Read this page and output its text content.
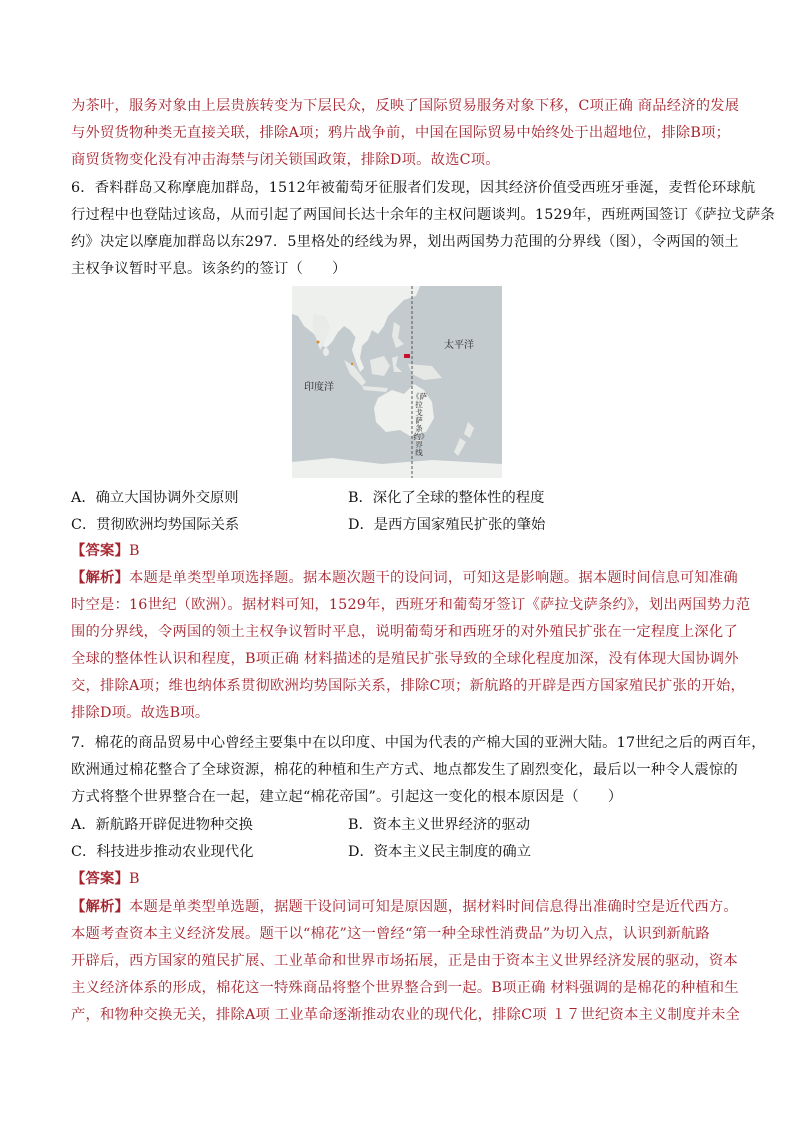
为茶叶，服务对象由上层贵族转变为下层民众，反映了国际贸易服务对象下移，C项正确 商品经济的发展
与外贸货物种类无直接关联，排除A项；鸦片战争前，中国在国际贸易中始终处于出超地位，排除B项；
商贸货物变化没有冲击海禁与闭关锁国政策，排除D项。故选C项。
6．香料群岛又称摩鹿加群岛，1512年被葡萄牙征服者们发现，因其经济价值受西班牙垂涎，麦哲伦环球航
行过程中也登陆过该岛，从而引起了两国间长达十余年的主权问题谈判。1529年，西班两国签订《萨拉戈萨条
约》决定以摩鹿加群岛以东297．5里格处的经线为界，划出两国势力范围的分界线（图），令两国的领土
主权争议暂时平息。该条约的签订（　　）
太平洋
印度洋
《萨拉戈萨条约》界线
A．确立大国协调外交原则	B．深化了全球的整体性的程度
C．贯彻欧洲均势国际关系	D．是西方国家殖民扩张的肇始
【答案】B
【解析】本题是单类型单项选择题。据本题次题干的设问词，可知这是影响题。据本题时间信息可知准确
时空是：16世纪（欧洲）。据材料可知，1529年，西班牙和葡萄牙签订《萨拉戈萨条约》，划出两国势力范
围的分界线，令两国的领土主权争议暂时平息，说明葡萄牙和西班牙的对外殖民扩张在一定程度上深化了
全球的整体性认识和程度，B项正确 材料描述的是殖民扩张导致的全球化程度加深，没有体现大国协调外
交，排除A项；维也纳体系贯彻欧洲均势国际关系，排除C项；新航路的开辟是西方国家殖民扩张的开始，
排除D项。故选B项。
7．棉花的商品贸易中心曾经主要集中在以印度、中国为代表的产棉大国的亚洲大陆。17世纪之后的两百年，
欧洲通过棉花整合了全球资源，棉花的种植和生产方式、地点都发生了剧烈变化，最后以一种令人震惊的
方式将整个世界整合在一起，建立起“棉花帝国”。引起这一变化的根本原因是（　　）
A．新航路开辟促进物种交换	B．资本主义世界经济的驱动
C．科技进步推动农业现代化	D．资本主义民主制度的确立
【答案】B
【解析】本题是单类型单选题，据题干设问词可知是原因题，据材料时间信息得出准确时空是近代西方。
本题考查资本主义经济发展。题干以“棉花”这一曾经“第一种全球性消费品”为切入点，认识到新航路
开辟后，西方国家的殖民扩展、工业革命和世界市场拓展，正是由于资本主义世界经济发展的驱动，资本
主义经济体系的形成，棉花这一特殊商品将整个世界整合到一起。B项正确 材料强调的是棉花的种植和生
产，和物种交换无关，排除A项 工业革命逐渐推动农业的现代化，排除C项 １７世纪资本主义制度并未全
